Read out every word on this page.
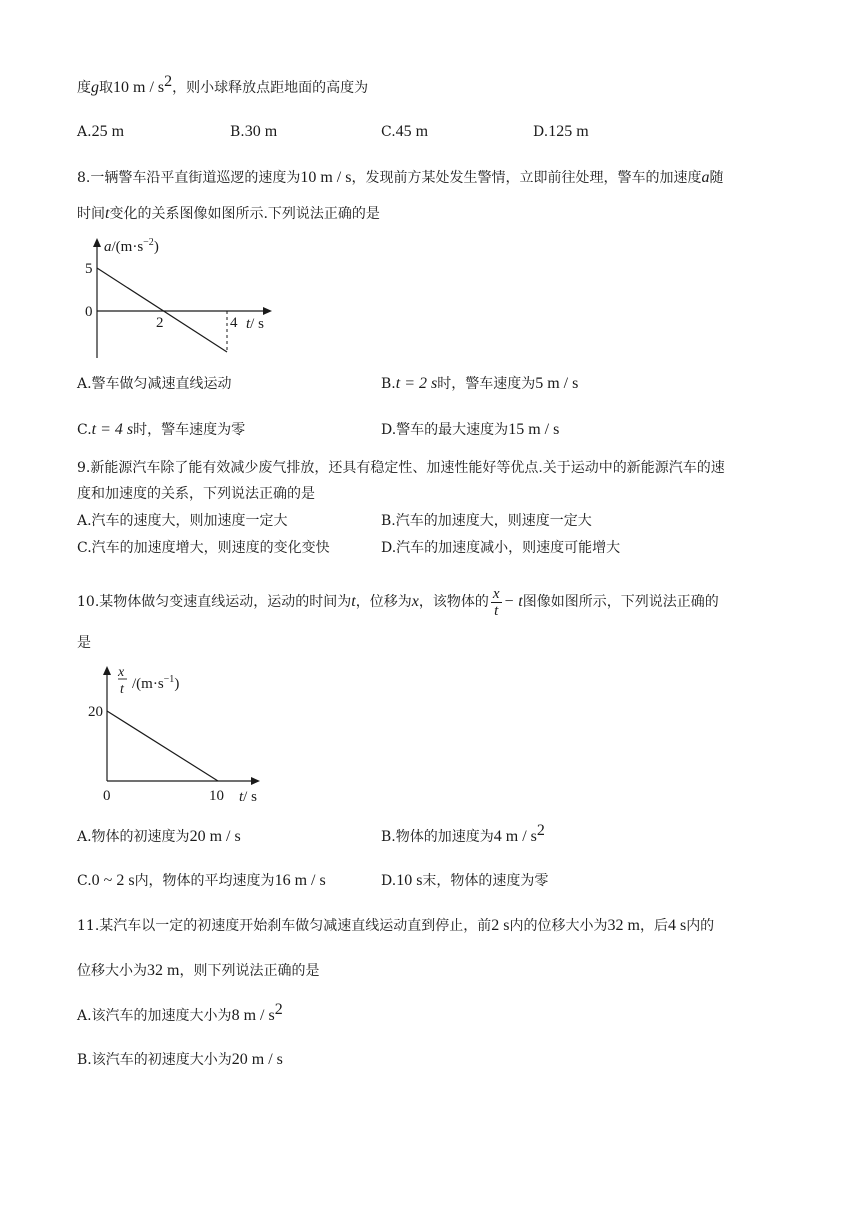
度g取10 m / $s^2$，则小球释放点距地面的高度为
A.25 m	B.30 m	C.45 m	D.125 m
8.一辆警车沿平直街道巡逻的速度为10 m / s，发现前方某处发生警情，立即前往处理，警车的加速度a随
时间t变化的关系图像如图所示.下列说法正确的是
$a/(m\cdot s^{-2})$
5
0
2	4 t/ s
A.警车做匀减速直线运动	B.t = 2 s时，警车速度为5 m / s
C.t = 4 s时，警车速度为零	D.警车的最大速度为15 m / s
9.新能源汽车除了能有效减少废气排放，还具有稳定性、加速性能好等优点.关于运动中的新能源汽车的速
度和加速度的关系，下列说法正确的是
A.汽车的速度大，则加速度一定大	B.汽车的加速度大，则速度一定大
C.汽车的加速度增大，则速度的变化变快	D.汽车的加速度减小，则速度可能增大
10.某物体做匀变速直线运动，运动的时间为t，位移为x，该物体的 $\frac{x}{t} - t$图像如图所示，下列说法正确的
是
x
t $/(m\cdot s^{-1})$
20
0	10 t/ s
A.物体的初速度为20 m / s	B.物体的加速度为4 m / $s^2$
C.0 ~ 2 s内，物体的平均速度为16 m / s	D.10 s末，物体的速度为零
11.某汽车以一定的初速度开始刹车做匀减速直线运动直到停止，前2 s内的位移大小为32 m，后4 s内的
位移大小为32 m，则下列说法正确的是
A.该汽车的加速度大小为8 m / $s^2$
B.该汽车的初速度大小为20 m / s
